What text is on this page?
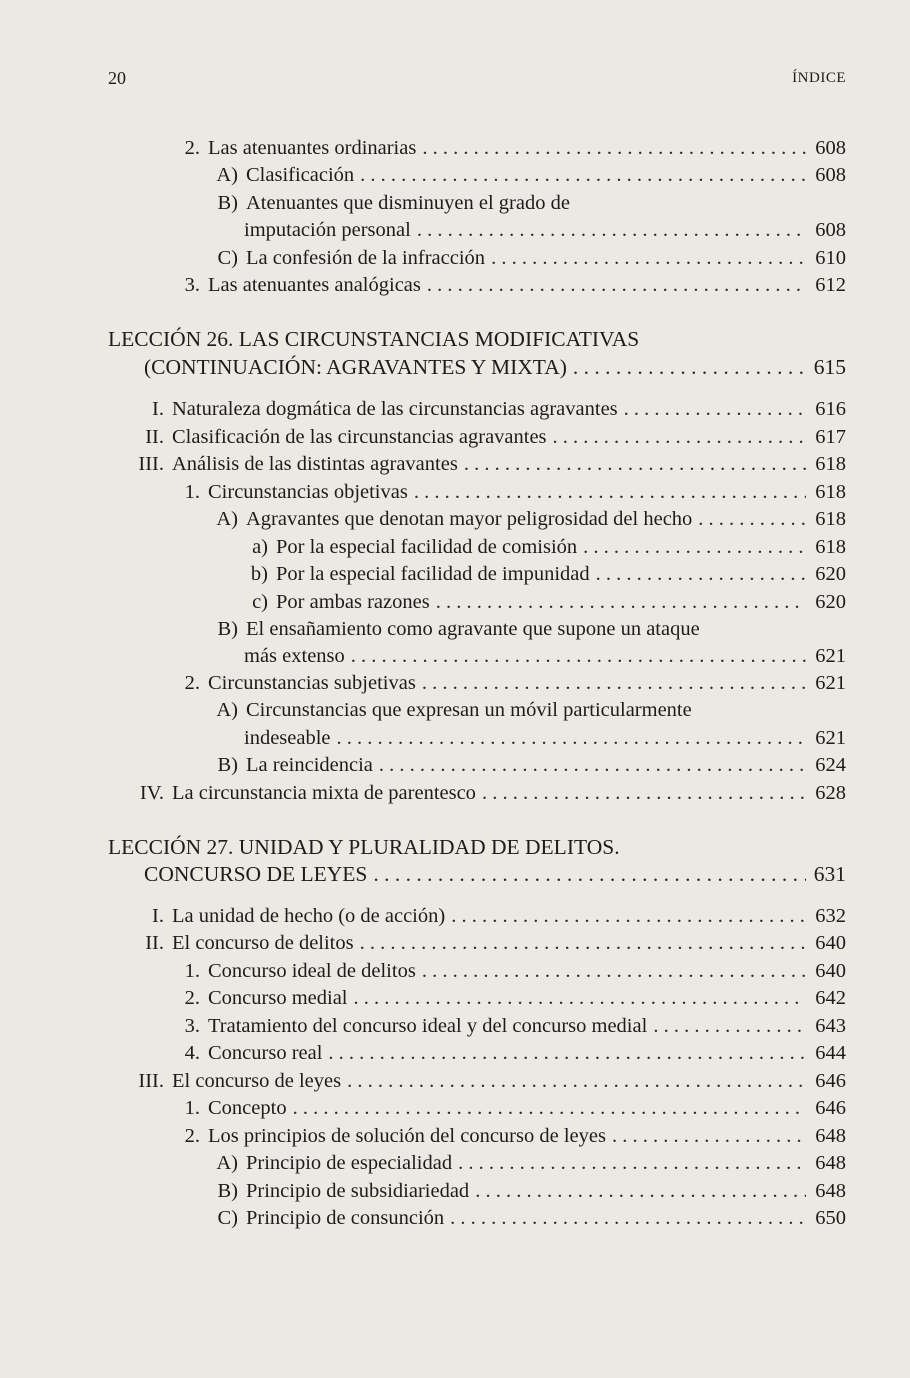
20	ÍNDICE
2. Las atenuantes ordinarias . . .	608
A) Clasificación . . .	608
B) Atenuantes que disminuyen el grado de
imputación personal . . .	608
C) La confesión de la infracción . . .	610
3. Las atenuantes analógicas . . .	612
LECCIÓN 26. LAS CIRCUNSTANCIAS MODIFICATIVAS
(CONTINUACIÓN: AGRAVANTES Y MIXTA) . . .	615
I. Naturaleza dogmática de las circunstancias agravantes . . .	616
II. Clasificación de las circunstancias agravantes . . .	617
III. Análisis de las distintas agravantes . . .	618
1. Circunstancias objetivas . . .	618
A) Agravantes que denotan mayor peligrosidad del hecho . . .	618
a) Por la especial facilidad de comisión . . .	618
b) Por la especial facilidad de impunidad . . .	620
c) Por ambas razones . . .	620
B) El ensañamiento como agravante que supone un ataque
más extenso . . .	621
2. Circunstancias subjetivas . . .	621
A) Circunstancias que expresan un móvil particularmente
indeseable . . .	621
B) La reincidencia . . .	624
IV. La circunstancia mixta de parentesco . . .	628
LECCIÓN 27. UNIDAD Y PLURALIDAD DE DELITOS.
CONCURSO DE LEYES . . .	631
I. La unidad de hecho (o de acción) . . .	632
II. El concurso de delitos . . .	640
1. Concurso ideal de delitos . . .	640
2. Concurso medial . . .	642
3. Tratamiento del concurso ideal y del concurso medial . . .	643
4. Concurso real . . .	644
III. El concurso de leyes . . .	646
1. Concepto . . .	646
2. Los principios de solución del concurso de leyes . . .	648
A) Principio de especialidad . . .	648
B) Principio de subsidiariedad . . .	648
C) Principio de consunción . . .	650
